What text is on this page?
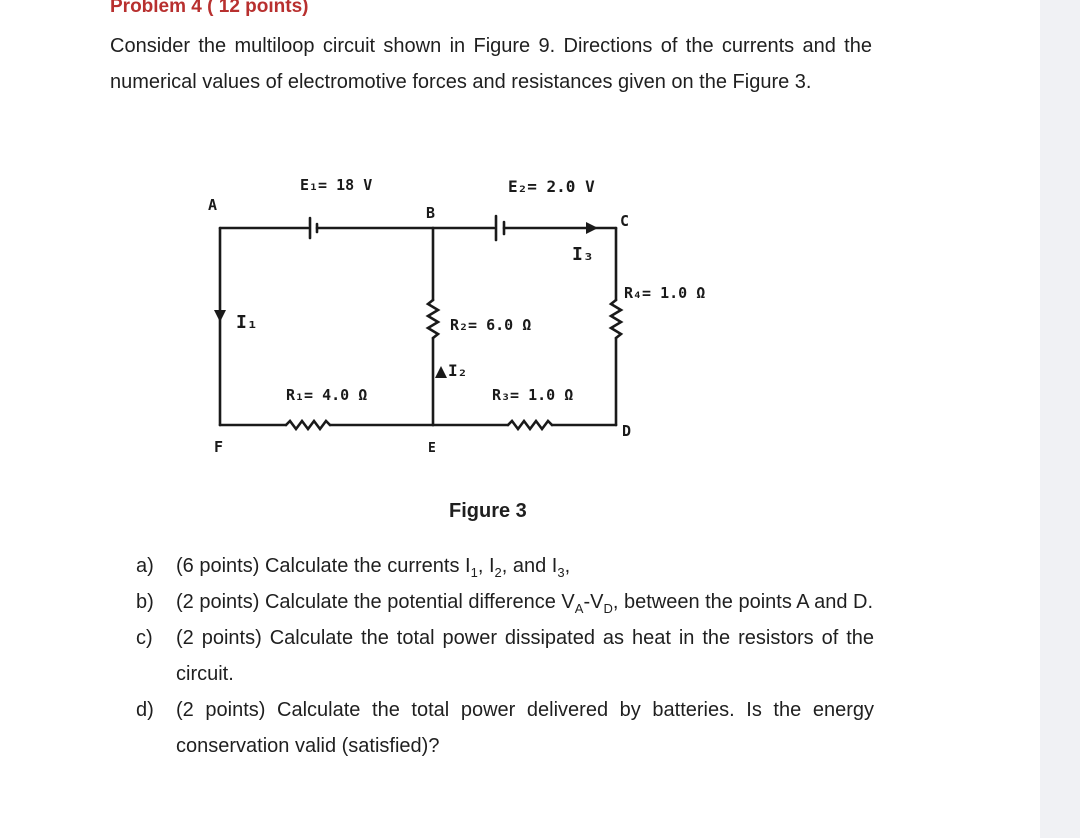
Problem 4 ( 12 points)
Consider the multiloop circuit shown in Figure 9. Directions of the currents and the numerical values of electromotive forces and resistances given on the Figure 3.
A	B	C
D
E
F
E₁= 18 V	E₂= 2.0 V
R₄= 1.0 Ω
R₂= 6.0 Ω
R₁= 4.0 Ω	R₃= 1.0 Ω
I₁
I₂
I₃
Figure 3
a)	(6 points) Calculate the currents $I_1$, $I_2$, and $I_3$,
b)	(2 points) Calculate the potential difference $V_A-V_D$, between the points A and D.
c)	(2 points) Calculate the total power dissipated as heat in the resistors of the circuit.
d)	(2 points) Calculate the total power delivered by batteries. Is the energy conservation valid (satisfied)?
